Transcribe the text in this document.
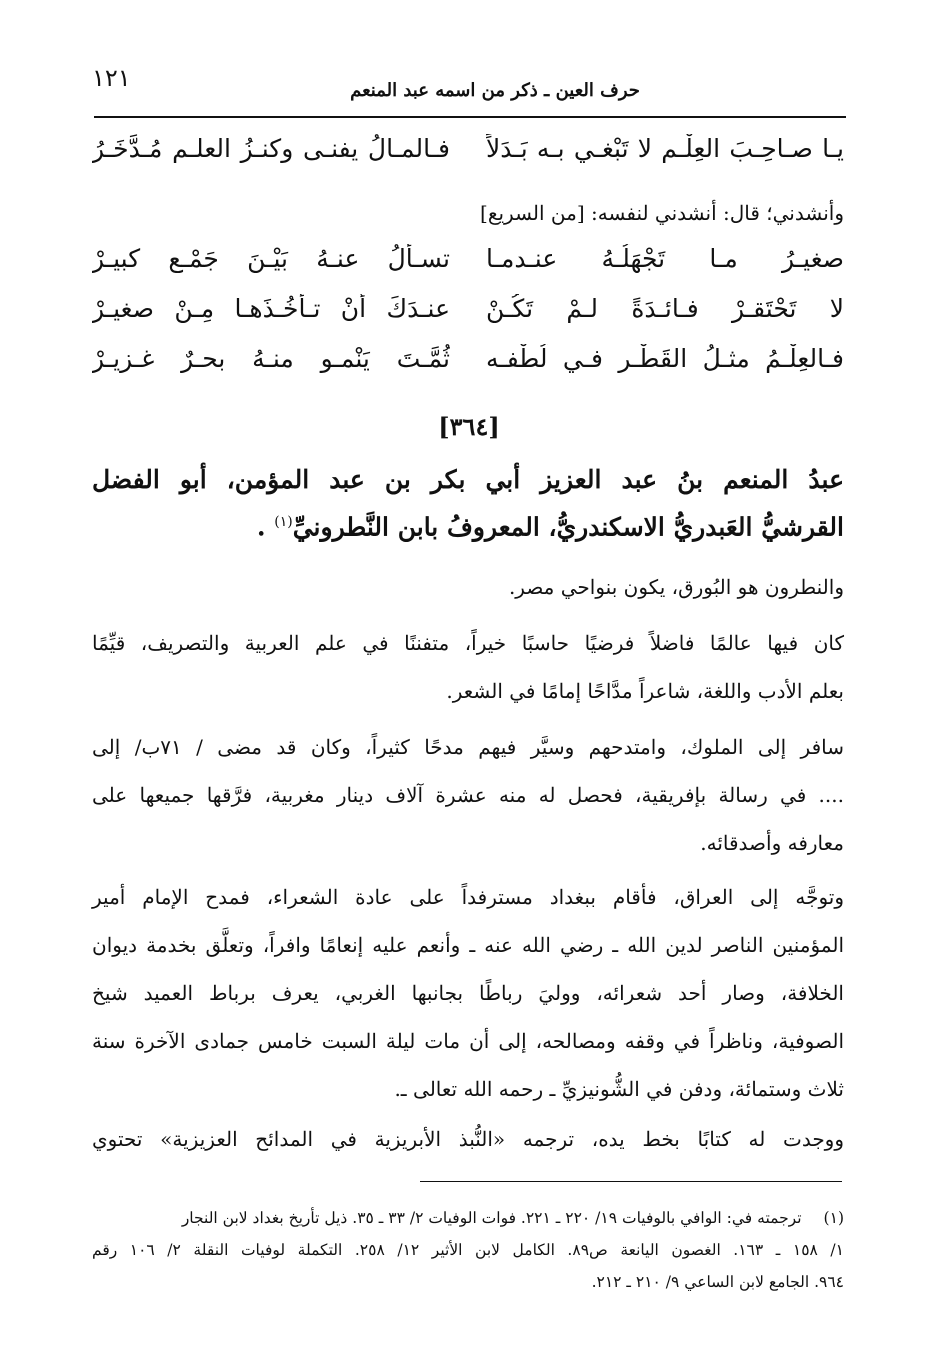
١٢١	حرف العين ـ ذكر من اسمه عبد المنعم
يـا صـاحِـبَ العِلْـمِ لا تَبْغـي بـه بَـدَلاً
فـالمـالُ يفنـى وكنـزُ العلـمِ مُـدَّخَـرُ
وأنشدني؛ قال: أنشدني لنفسه: [من السريع]
صغيـرُ مـا تَجْهَلُـهُ عنـدمـا
تسـألُ عنـهُ بَيْـنَ جَمْـعٍ كبيـرْ
لا تَحْتَقـرْ فـائـدَةً لـمْ تَكُـنْ
عنـدَكَ أنْ تـأخُـذَهـا مِـنْ صغيـرْ
فـالعِلْـمُ مثـلُ القَطْـرِ فـي لُطْفـه
ثُمَّـتَ يَنْمـو منـهُ بحـرٌ غـزيـرْ
[٣٦٤]
عبدُ المنعم بنُ عبد العزيز أبي بكر بن عبد المؤمن، أبو الفضل
القرشيُّ العَبدريُّ الاسكندريُّ، المعروفُ بابن النَّطرونيِّ$^{(١)}$ .
والنطرون هو البُورق، يكون بنواحي مصر.
كان فيها عالمًا فاضلاً فرضيًا حاسبًا خيراً، متفننًا في علم العربية والتصريف، قيِّمًا
بعلم الأدب واللغة، شاعراً مدَّاحًا إمامًا في الشعر.
سافر إلى الملوك، وامتدحهم وسيَّر فيهم مدحًا كثيراً، وكان قد مضى / ٧١ب/ إلى
.... في رسالة بإفريقية، فحصل له منه عشرة آلاف دينار مغربية، فرَّقها جميعها على
معارفه وأصدقائه.
وتوجَّه إلى العراق، فأقام ببغداد مسترفداً على عادة الشعراء، فمدح الإمام أمير
المؤمنين الناصر لدين الله ـ رضي الله عنه ـ وأنعم عليه إنعامًا وافراً، وتعلَّق بخدمة ديوان
الخلافة، وصار أحد شعرائه، ووليَ رباطًا بجانبها الغربي، يعرف برباط العميد شيخ
الصوفية، وناظراً في وقفه ومصالحه، إلى أن مات ليلة السبت خامس جمادى الآخرة سنة
ثلاث وستمائة، ودفن في الشُّونيزيِّ ـ رحمه الله تعالى ـ.
ووجدت له كتابًا بخط يده، ترجمه «النُّبذ الأبريزية في المدائح العزيزية» تحتوي
(١)ترجمته في: الوافي بالوفيات ١٩/ ٢٢٠ ـ ٢٢١. فوات الوفيات ٢/ ٣٣ ـ ٣٥. ذيل تأريخ بغداد لابن النجار
١/ ١٥٨ ـ ١٦٣. الغصون اليانعة ص٨٩. الكامل لابن الأثير ١٢/ ٢٥٨. التكملة لوفيات النقلة ٢/ ١٠٦ رقم
٩٦٤. الجامع لابن الساعي ٩/ ٢١٠ ـ ٢١٢.
